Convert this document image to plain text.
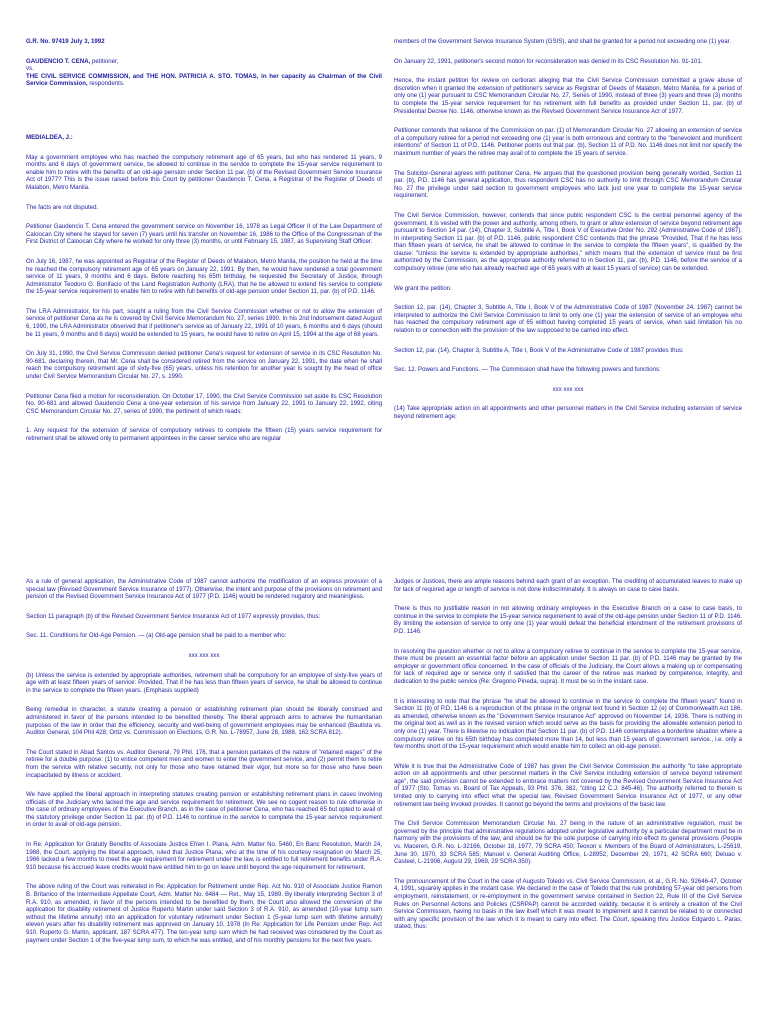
G.R. No. 97419 July 3, 1992

GAUDENCIO T. CENA, petitioner,
vs.
THE CIVIL SERVICE COMMISSION, and THE HON. PATRICIA A. STO. TOMAS, in her capacity as Chairman of the Civil Service Commission, respondents.

MEDIALDEA, J.:

May a government employee who has reached the compulsory retirement age of 65 years, but who has rendered 11 years, 9 months and 6 days of government service, be allowed to continue in the service to complete the 15-year service requirement to enable him to retire with the benefits of an old-age pension under Section 11 par. (b) of the Revised Government Service Insurance Act of 1977? This is the issue raised before this Court by petitioner Gaudencio T. Cena, a Registrar of the Register of Deeds of Malabon, Metro Manila.

The facts are not disputed.

Petitioner Gaudencio T. Cena entered the government service on November 16, 1978 as Legal Officer II of the Law Department of Caloocan City where he stayed for seven (7) years until his transfer on November 16, 1986 to the Office of the Congressman of the First District of Caloocan City where he worked for only three (3) months, or until February 15, 1987, as Supervising Staff Officer.

On July 16, 1987, he was appointed as Registrar of the Register of Deeds of Malabon, Metro Manila, the position he held at the time he reached the compulsory retirement age of 65 years on January 22, 1991. By then, he would have rendered a total government service of 11 years, 9 months and 6 days. Before reaching his 65th birthday, he requested the Secretary of Justice, through Administrator Teodoro G. Bonifacio of the Land Registration Authority (LRA), that he be allowed to extend his service to complete the 15-year service requirement to enable him to retire with full benefits of old-age pension under Section 11, par. (b) of P.D. 1146.

The LRA Administrator, for his part, sought a ruling from the Civil Service Commission whether or not to allow the extension of service of petitioner Cena as he is covered by Civil Service Memorandum No. 27, series 1990. In his 2nd Indorsement dated August 6, 1990, the LRA Administrator observed that if petitioner's service as of January 22, 1991 of 10 years, 6 months and 6 days (should be 11 years, 9 months and 6 days) would be extended to 15 years, he would have to retire on April 15, 1994 at the age of 68 years.

On July 31, 1990, the Civil Service Commission denied petitioner Cena's request for extension of service in its CSC Resolution No. 90-681, declaring therein, that Mr. Cena shall be considered retired from the service on January 22, 1991, the date when he shall reach the compulsory retirement age of sixty-five (65) years, unless his retention for another year is sought by the head of office under Civil Service Memorandum Circular No. 27, s. 1990.

Petitioner Cena filed a motion for reconsideration. On October 17, 1990, the Civil Service Commission set aside its CSC Resolution No. 90-681 and allowed Gaudencio Cena a one-year extension of his service from January 22, 1991 to January 22, 1992, citing CSC Memorandum Circular No. 27, series of 1990, the pertinent of which reads:

1. Any request for the extension of service of compulsory retirees to complete the fifteen (15) years service requirement for retirement shall be allowed only to permanent appointees in the career service who are regular

members of the Government Service Insurance System (GSIS), and shall be granted for a period not exceeding one (1) year.

On January 22, 1991, petitioner's second motion for reconsideration was denied in its CSC Resolution No. 91-101.

Hence, the instant petition for review on certiorari alleging that the Civil Service Commission committed a grave abuse of discretion when it granted the extension of petitioner's service as Registrar of Deeds of Malabon, Metro Manila, for a period of only one (1) year pursuant to CSC Memorandum Circular No. 27, Series of 1990, instead of three (3) years and three (3) months to complete the 15-year service requirement for his retirement with full benefits as provided under Section 11, par. (b) of Presidential Decree No. 1146, otherwise known as the Revised Government Service Insurance Act of 1977.

Petitioner contends that reliance of the Commission on par. (1) of Memorandum Circular No. 27 allowing an extension of service of a compulsory retiree for a period not exceeding one (1) year is both erroneous and contrary to the "benevolent and munificent intentions" of Section 11 of P.D. 1146. Petitioner points out that par. (b), Section 11 of P.D. No. 1146 does not limit nor specify the maximum number of years the retiree may avail of to complete the 15 years of service.

The Solicitor-General agrees with petitioner Cena. He argues that the questioned provision being generally worded, Section 11 par. (b), P.D. 1146 has general application, thus respondent CSC has no authority to limit through CSC Memorandum Circular No. 27 the privilege under said section to government employees who lack just one year to complete the 15-year service requirement.

The Civil Service Commission, however, contends that since public respondent CSC is the central personnel agency of the government, it is vested with the power and authority, among others, to grant or allow extension of service beyond retirement age pursuant to Section 14 par. (14), Chapter 3, Subtitle A, Title I, Book V of Executive Order No. 292 (Administrative Code of 1987). In interpreting Section 11 par. (b) of P.D. 1146, public respondent CSC contends that the phrase "Provided, That if he has less than fifteen years of service, he shall be allowed to continue in the service to complete the fifteen years", is qualified by the clause: "Unless the service is extended by appropriate authorities," which means that the extension of service must be first authorized by the Commission, as the appropriate authority referred to in Section 11, par. (b), P.D. 1146, before the service of a compulsory retiree (one who has already reached age of 65 years with at least 15 years of service) can be extended.

We grant the petition.

Section 12, par. (14), Chapter 3, Subtitle A, Title I, Book V of the Administrative Code of 1987 (November 24, 1987) cannot be interpreted to authorize the Civil Service Commission to limit to only one (1) year the extension of service of an employee who has reached the compulsory retirement age of 65 without having completed 15 years of service, when said limitation his no relation to or connection with the provision of the law supposed to be carried into effect.

Section 12, par. (14), Chapter 3, Subtitle A, Title I, Book V of the Administrative Code of 1987 provides thus:

Sec. 12. Powers and Functions. — The Commission shall have the following powers and functions:

xxx xxx xxx

(14) Take appropriate action on all appointments and other personnel matters in the Civil Service including extension of service beyond retirement age;

As a rule of general application, the Administrative Code of 1987 cannot authorize the modification of an express provision of a special law (Revised Government Service Insurance of 1977). Otherwise, the intent and purpose of the provisions on retirement and pension of the Revised Government Service Insurance Act of 1977 (P.D. 1146) would be rendered nugatory and meaningless.

Section 11 paragraph (b) of the Revised Government Service Insurance Act of 1977 expressly provides, thus:

Sec. 11. Conditions for Old-Age Pension. — (a) Old-age pension shall be paid to a member who:

xxx xxx xxx

(b) Unless the service is extended by appropriate authorities, retirement shall be compulsory for an employee of sixty-five years of age with at least fifteen years of service: Provided, That if he has less than fifteen years of service, he shall be allowed to continue in the service to complete the fifteen years. (Emphasis supplied)

Being remedial in character, a statute creating a pension or establishing retirement plan should be liberally construed and administered in favor of the persons intended to be benefited thereby. The liberal approach aims to achieve the humanitarian purposes of the law in order that the efficiency, security and well-being of government employees may be enhanced (Bautista vs. Auditor General, 104 Phil 428; Ortiz vs. Commission on Elections, G.R. No. L-78957, June 28, 1988, 162 SCRA 812).

The Court stated in Abad Santos vs. Auditor General, 79 Phil. 176, that a pension partakes of the nature of "retained wages" of the retiree for a double purpose: (1) to entice competent men and women to enter the government service, and (2) permit them to retire from the service with relative security, not only for those who have retained their vigor, but more so for those who have been incapacitated by illness or accident.

We have applied the liberal approach in interpreting statutes creating pension or establishing retirement plans in cases involving officials of the Judiciary who lacked the age and service requirement for retirement. We see no cogent reason to rule otherwise in the case of ordinary employees of the Executive Branch, as in the case of petitioner Cena, who has reached 65 but opted to avail of the statutory privilege under Section 11 par. (b) of P.D. 1146 to continue in the service to complete the 15-year service requirement in order to avail of old-age pension.

In Re: Application for Gratuity Benefits of Associate Justice Efren I. Plana, Adm. Matter No. 5460, En Banc Resolution, March 24, 1988, the Court, applying the liberal approach, ruled that Justice Plana, who at the time of his courtesy resignation on March 25, 1986 lacked a few months to meet the age requirement for retirement under the law, is entitled to full retirement benefits under R.A. 910 because his accrued leave credits would have entitled him to go on leave until beyond the age requirement for retirement.

The above ruling of the Court was reiterated in Re: Application for Retirement under Rep. Act No. 910 of Associate Justice Ramon B. Britanico of the Intermediate Appellate Court, Adm. Matter No. 6484 — Ret., May 15, 1989. By liberally interpreting Section 3 of R.A. 910, as amended, in favor of the persons intended to be benefited by them, the Court also allowed the conversion of the application for disability retirement of Justice Ruperto Martin under said Section 3 of R.A. 910, as amended (10-year lump sum without the lifetime annuity) into an application for voluntary retirement under Section 1 (5-year lump sum with lifetime annuity) eleven years after his disability retirement was approved on January 10, 1978 (In Re: Application for Life Pension under Rep. Act 910. Ruperto G. Martin, applicant, 187 SCRA 477). The ten-year lump sum which he had received was considered by the Court as payment under Section 1 of the five-year lump sum, to which he was entitled, and of his monthly pensions for the next five years.

Judges or Justices, there are ample reasons behind each grant of an exception. The crediting of accumulated leaves to make up for lack of required age or length of service is not done indiscriminately. It is always on case to case basis.

There is thus no justifiable reason in not allowing ordinary employees in the Executive Branch on a case to case basis, to continue in the service to complete the 15-year service requirement to avail of the old-age pension under Section 11 of P.D. 1146. By limiting the extension of service to only one (1) year would defeat the beneficial intendment of the retirement provisions of P.D. 1146.

In resolving the question whether or not to allow a compulsory retiree to continue in the service to complete the 15-year service, there must be present an essential factor before an application under Section 11 par. (b) of P.D. 1146 may be granted by the employer or government office concerned. In the case of officials of the Judiciary, the Court allows a making up or compensating for lack of required age or service only if satisfied that the career of the retiree was marked by competence, integrity, and dedication to the public service (Re: Gregorio Pineda, supra). It must be so in the instant case.

It is interesting to note that the phrase "he shall be allowed to continue in the service to complete the fifteen years" found in Section 11 (b) of P.D. 1146 is a reproduction of the phrase in the original text found in Section 12 (e) of Commonwealth Act 186, as amended, otherwise known as the "Government Service Insurance Act" approved on November 14, 1936. There is nothing in the original text as well as in the revised version which would serve as the basis for providing the allowable extension period to only one (1) year. There is likewise no indication that Section 11 par. (b) of P.D. 1146 contemplates a borderline situation where a compulsory retiree on his 65th birthday has completed more than 14, but less than 15 years of government service., i.e. only a few months short of the 15-year requirement which would enable him to collect an old-age pension.

While it is true that the Administrative Code of 1987 has given the Civil Service Commission the authority "to take appropriate action on all appointments and other personnel matters in the Civil Service including extension of service beyond retirement age", the said provision cannot be extended to embrace matters not covered by the Revised Government Service Insurance Act of 1977 (Sto. Tomas vs. Board of Tax Appeals, 93 Phil. 376, 382, "citing 12 C.J. 845-46). The authority referred to therein is limited only to carrying into effect what the special law, Revised Government Service Insurance Act of 1977, or any other retirement law being invoked provides. It cannot go beyond the terms and provisions of the basic law.

The Civil Service Commission Memorandum Circular No. 27 being in the nature of an administrative regulation, must be governed by the principle that administrative regulations adopted under legislative authority by a particular department must be in harmony with the provisions of the law, and should be for the sole purpose of carrying into effect its general provisions (People vs. Maceren, G.R. No. L-32166, October 18, 1977, 79 SCRA 450; Teoxon v. Members of the Board of Administrators, L-25619, June 30, 1970, 33 SCRA 585; Manuel v. General Auditing Office, L-28952, December 29, 1971, 42 SCRA 660; Deluao v. Casteel, L-21906, August 29, 1969, 29 SCRA 350).

The pronouncement of the Court in the case of Augusto Toledo vs. Civil Service Commission, et al., G.R. No. 92646-47, October 4, 1991, squarely applies in the instant case. We declared in the case of Toledo that the rule prohibiting 57-year old persons from employment, reinstatement, or re-employment in the government service contained in Section 22, Rule III of the Civil Service Rules on Personnel Actions and Policies (CSRPAP) cannot be accorded validity, because it is entirely a creation of the Civil Service Commission, having no basis in the law itself which it was meant to implement and it cannot be related to or connected with any specific provision of the law which it is meant to carry into effect. The Court, speaking thru Justice Edgardo L. Paras, stated, thus:
